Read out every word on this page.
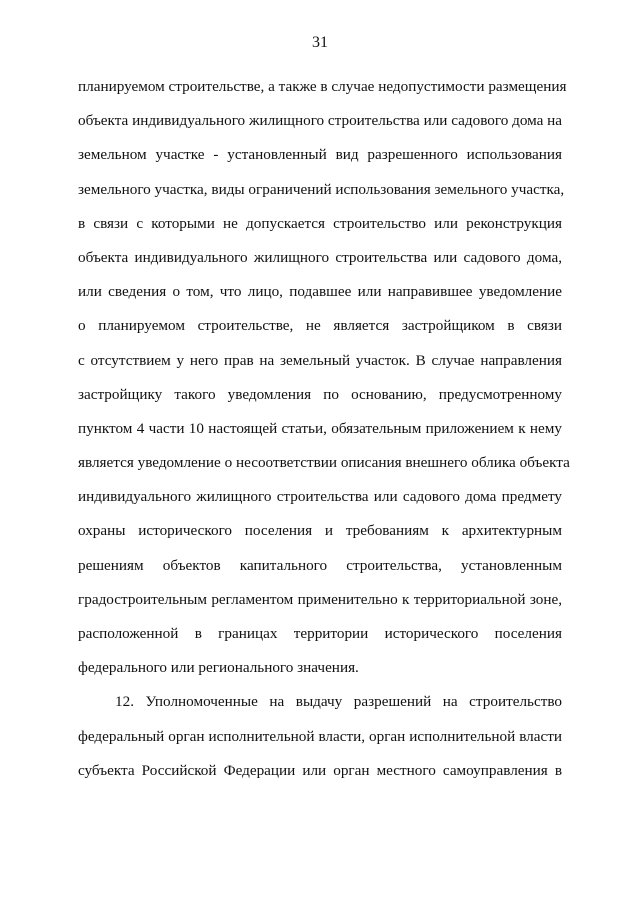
31
планируемом строительстве, а также в случае недопустимости размещения
объекта индивидуального жилищного строительства или садового дома на
земельном участке - установленный вид разрешенного использования
земельного участка, виды ограничений использования земельного участка,
в связи с которыми не допускается строительство или реконструкция
объекта индивидуального жилищного строительства или садового дома,
или сведения о том, что лицо, подавшее или направившее уведомление
о планируемом строительстве, не является застройщиком в связи
с отсутствием у него прав на земельный участок. В случае направления
застройщику такого уведомления по основанию, предусмотренному
пунктом 4 части 10 настоящей статьи, обязательным приложением к нему
является уведомление о несоответствии описания внешнего облика объекта
индивидуального жилищного строительства или садового дома предмету
охраны исторического поселения и требованиям к архитектурным
решениям объектов капитального строительства, установленным
градостроительным регламентом применительно к территориальной зоне,
расположенной в границах территории исторического поселения
федерального или регионального значения.
12. Уполномоченные на выдачу разрешений на строительство
федеральный орган исполнительной власти, орган исполнительной власти
субъекта Российской Федерации или орган местного самоуправления в
